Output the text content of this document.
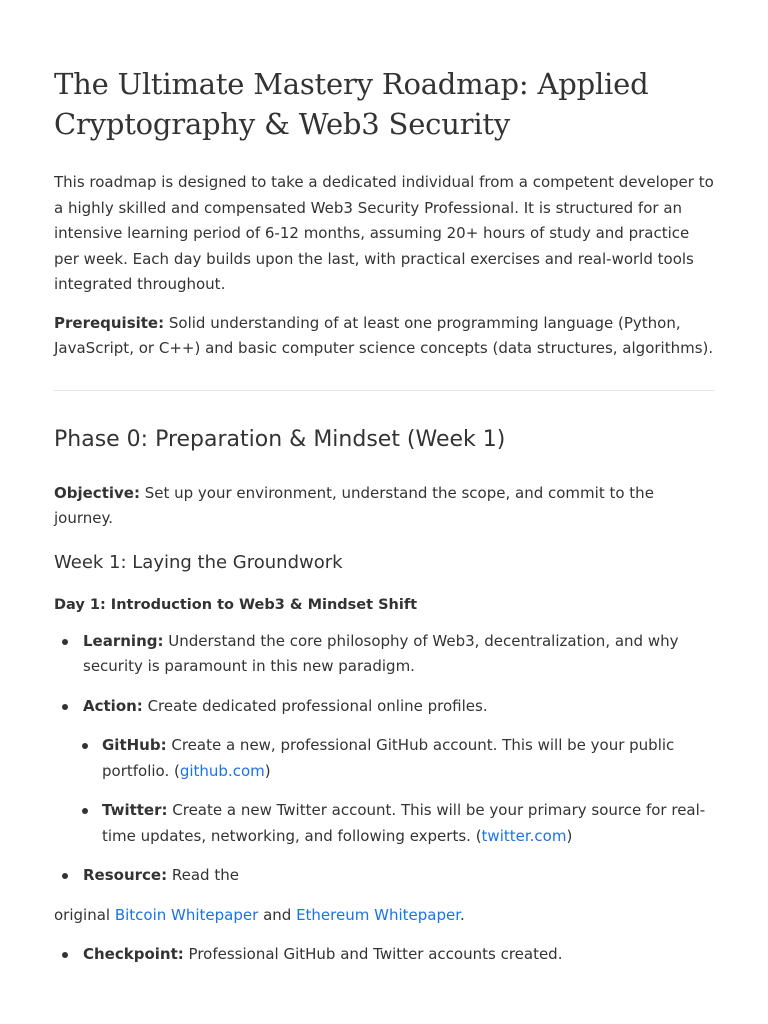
The Ultimate Mastery Roadmap: Applied Cryptography & Web3 Security

This roadmap is designed to take a dedicated individual from a competent developer to a highly skilled and compensated Web3 Security Professional. It is structured for an intensive learning period of 6-12 months, assuming 20+ hours of study and practice per week. Each day builds upon the last, with practical exercises and real-world tools integrated throughout.

Prerequisite: Solid understanding of at least one programming language (Python, JavaScript, or C++) and basic computer science concepts (data structures, algorithms).

Phase 0: Preparation & Mindset (Week 1)

Objective: Set up your environment, understand the scope, and commit to the journey.

Week 1: Laying the Groundwork
Day 1: Introduction to Web3 & Mindset Shift
Learning: Understand the core philosophy of Web3, decentralization, and why security is paramount in this new paradigm.
Action: Create dedicated professional online profiles.
GitHub: Create a new, professional GitHub account. This will be your public portfolio. (github.com)
Twitter: Create a new Twitter account. This will be your primary source for real-time updates, networking, and following experts. (twitter.com)
Resource: Read the

original Bitcoin Whitepaper and Ethereum Whitepaper.

Checkpoint: Professional GitHub and Twitter accounts created.
